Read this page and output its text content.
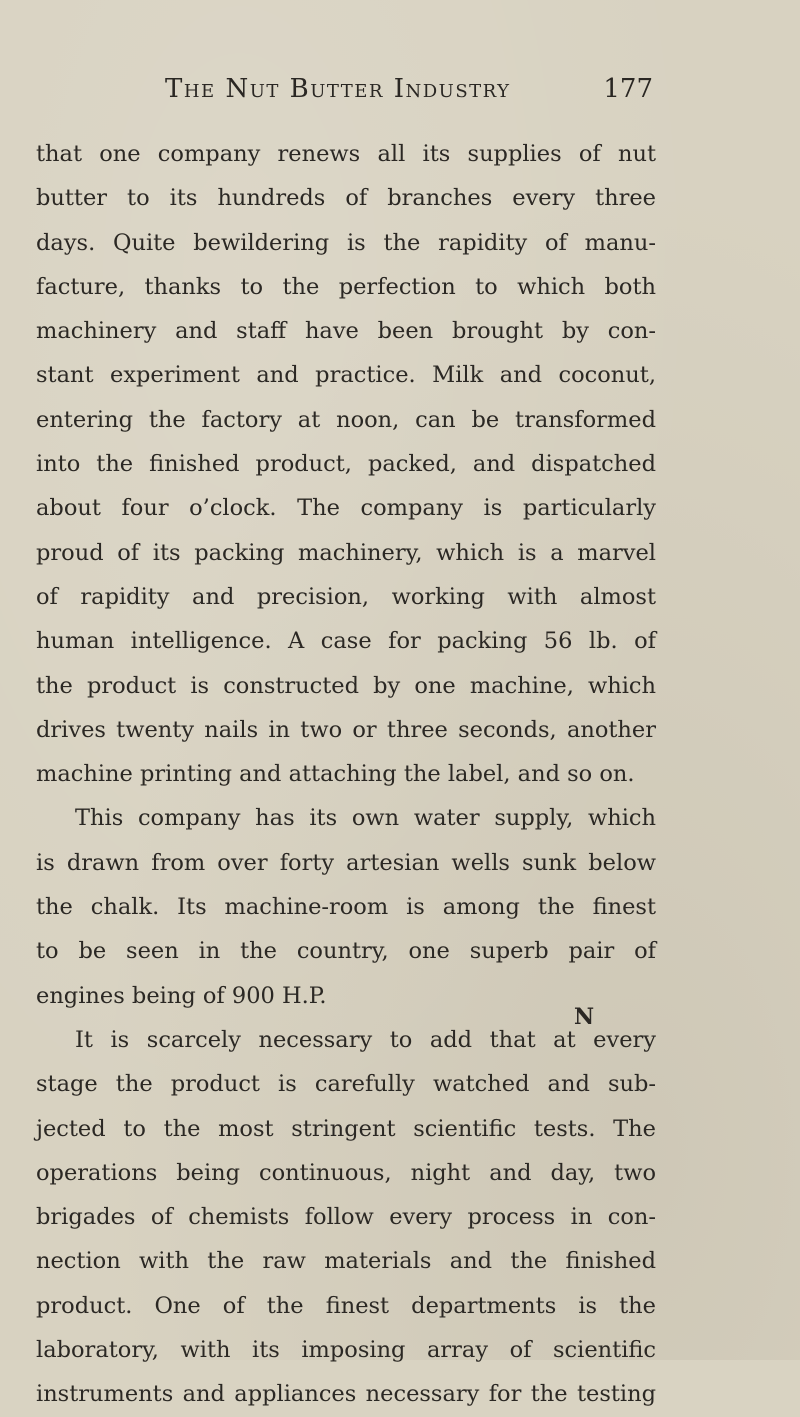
The Nut Butter Industry	177
that one company renews all its supplies of nut
butter to its hundreds of branches every three
days. Quite bewildering is the rapidity of manu-
facture, thanks to the perfection to which both
machinery and staff have been brought by con-
stant experiment and practice. Milk and coconut,
entering the factory at noon, can be transformed
into the finished product, packed, and dispatched
about four o’clock. The company is particularly
proud of its packing machinery, which is a marvel
of rapidity and precision, working with almost
human intelligence. A case for packing 56 lb. of
the product is constructed by one machine, which
drives twenty nails in two or three seconds, another
machine printing and attaching the label, and so on.
This company has its own water supply, which
is drawn from over forty artesian wells sunk below
the chalk. Its machine-room is among the finest
to be seen in the country, one superb pair of
engines being of 900 H.P.
It is scarcely necessary to add that at every
stage the product is carefully watched and sub-
jected to the most stringent scientific tests. The
operations being continuous, night and day, two
brigades of chemists follow every process in con-
nection with the raw materials and the finished
product. One of the finest departments is the
laboratory, with its imposing array of scientific
instruments and appliances necessary for the testing
N
